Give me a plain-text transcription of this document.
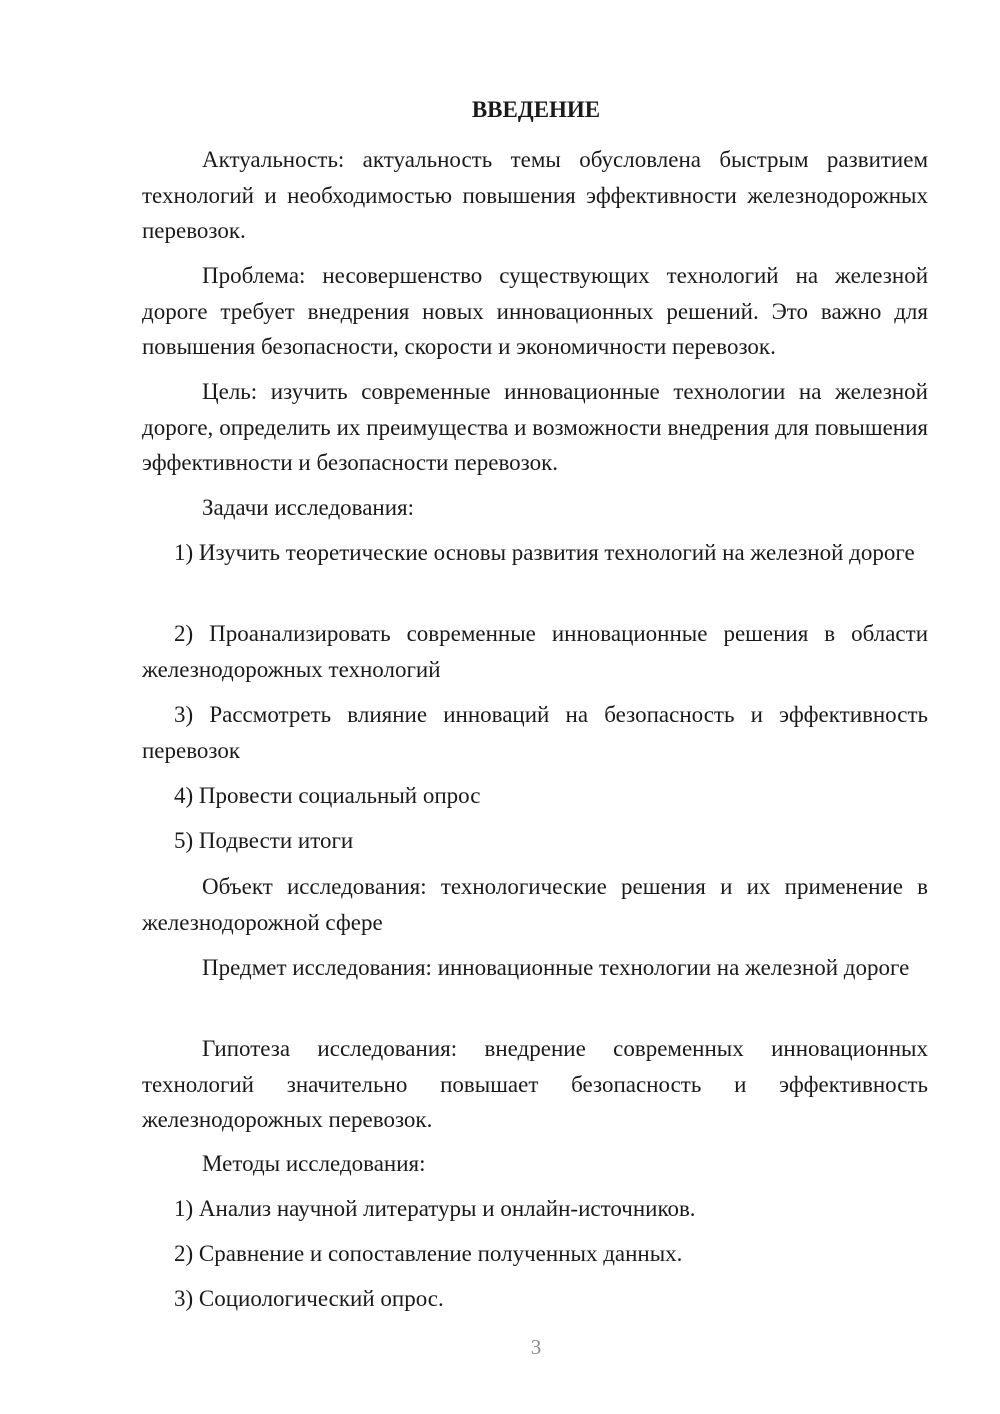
ВВЕДЕНИЕ

Актуальность: актуальность темы обусловлена быстрым развитием технологий и необходимостью повышения эффективности железнодорожных перевозок.

Проблема: несовершенство существующих технологий на железной дороге требует внедрения новых инновационных решений. Это важно для повышения безопасности, скорости и экономичности перевозок.

Цель: изучить современные инновационные технологии на железной дороге, определить их преимущества и возможности внедрения для повышения эффективности и безопасности перевозок.

Задачи исследования:

1) Изучить теоретические основы развития технологий на железной дороге

2) Проанализировать современные инновационные решения в области железнодорожных технологий

3) Рассмотреть влияние инноваций на безопасность и эффективность перевозок

4) Провести социальный опрос

5) Подвести итоги

Объект исследования: технологические решения и их применение в железнодорожной сфере

Предмет исследования: инновационные технологии на железной дороге

Гипотеза исследования: внедрение современных инновационных технологий значительно повышает безопасность и эффективность железнодорожных перевозок.

Методы исследования:

1) Анализ научной литературы и онлайн-источников.

2) Сравнение и сопоставление полученных данных.

3) Социологический опрос.

3
